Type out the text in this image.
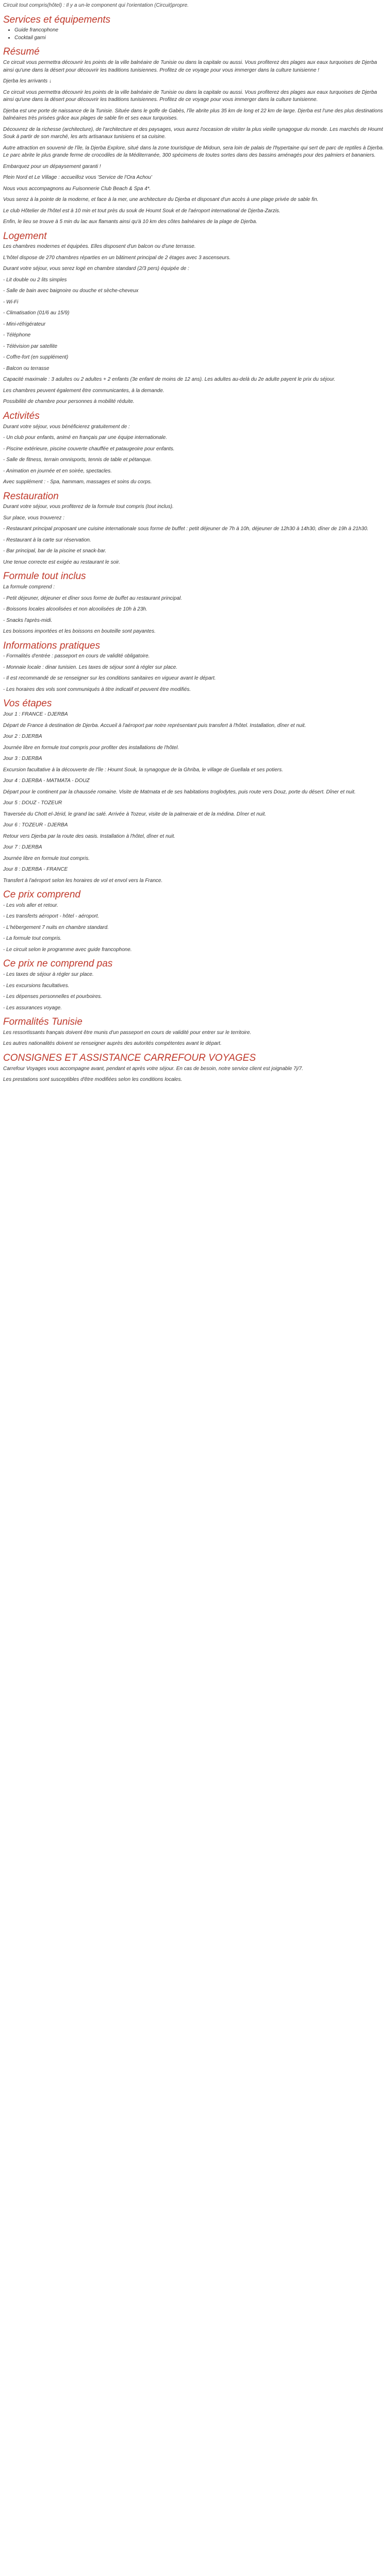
Circuit tout compris(hôtel) : Il y a un-le component qui l'orientation (Circuit)propre.

Services et équipements
• Guide francophone
• Cocktail garni
Résumé

Ce circuit vous permettra découvrir les points de la ville balnéaire de Tunisie ou dans la capitale ou aussi. Vous profiterez des plages aux eaux turquoises de Djerba ainsi qu'une dans la désert pour découvrir les traditions tunisiennes. Profitez de ce voyage pour vous immerger dans la culture tunisienne !

Djerba les arrivants ↓

Ce circuit vous permettra découvrir les points de la ville balnéaire de Tunisie ou dans la capitale ou aussi. Vous profiterez des plages aux eaux turquoises de Djerba ainsi qu'une dans la désert pour découvrir les traditions tunisiennes. Profitez de ce voyage pour vous immerger dans la culture tunisienne.

Djerba est une porte de naissance de la Tunisie. Située dans le golfe de Gabès, l'île abrite plus 35 km de long et 22 km de large. Djerba est l'une des plus destinations balnéaires très prisées grâce aux plages de sable fin et ses eaux turquoises.

Découvrez de la richesse (architecture), de l'architecture et des paysages, vous aurez l'occasion de visiter la plus vieille synagogue du monde. Les marchés de Houmt Souk à partir de son marché, les arts artisanaux tunisiens et sa cuisine.

Autre attraction en souvenir de l'île, la Djerba Explore, situé dans la zone touristique de Midoun, sera loin de palais de l'hypertaine qui sert de parc de reptiles à Djerba. Le parc abrite le plus grande ferme de crocodiles de la Méditerranée, 300 spécimens de toutes sortes dans des bassins aménagés pour des palmiers et bananiers.

Embarquez pour un dépaysement garanti !

Plein Nord et Le Village : accueilloz vous 'Service de l'Ora Achou'

Nous vous accompagnons au Fuisonnerie Club Beach & Spa 4*.

Vous serez à la pointe de la moderne, et face à la mer, une architecture du Djerba et disposant d'un accès à une plage privée de sable fin.

Le club Hôtelier de l'hôtel est à 10 min et tout près du souk de Houmt Souk et de l'aéroport international de Djerba-Zarzis.

Enfin, le lieu se trouve à 5 min du lac aux flamants ainsi qu'à 10 km des côtes balnéaires de la plage de Djerba.

Logement

Les chambres modernes et équipées. Elles disposent d'un balcon ou d'une terrasse.

L'hôtel dispose de 270 chambres réparties en un bâtiment principal de 2 étages avec 3 ascenseurs.

Durant votre séjour, vous serez logé en chambre standard (2/3 pers) équipée de :

- Lit double ou 2 lits simples

- Salle de bain avec baignoire ou douche et sèche-cheveux

- Wi-Fi

- Climatisation (01/6 au 15/9)

- Mini-réfrigérateur

- Téléphone

- Télévision par satellite

- Coffre-fort (en supplément)

- Balcon ou terrasse

Capacité maximale : 3 adultes ou 2 adultes + 2 enfants (3e enfant de moins de 12 ans). Les adultes au-delà du 2e adulte payent le prix du séjour.

Les chambres peuvent également être communicantes, à la demande.

Possibilité de chambre pour personnes à mobilité réduite.

Activités

Durant votre séjour, vous bénéficierez gratuitement de :

- Un club pour enfants, animé en français par une équipe internationale.

- Piscine extérieure, piscine couverte chauffée et pataugeoire pour enfants.

- Salle de fitness, terrain omnisports, tennis de table et pétanque.

- Animation en journée et en soirée, spectacles.

Avec supplément : - Spa, hammam, massages et soins du corps.

Restauration

Durant votre séjour, vous profiterez de la formule tout compris (tout inclus).

Sur place, vous trouverez :

- Restaurant principal proposant une cuisine internationale sous forme de buffet : petit déjeuner de 7h à 10h, déjeuner de 12h30 à 14h30, dîner de 19h à 21h30.

- Restaurant à la carte sur réservation.

- Bar principal, bar de la piscine et snack-bar.

Une tenue correcte est exigée au restaurant le soir.

Formule tout inclus

La formule comprend :

- Petit déjeuner, déjeuner et dîner sous forme de buffet au restaurant principal.

- Boissons locales alcoolisées et non alcoolisées de 10h à 23h.

- Snacks l'après-midi.

Les boissons importées et les boissons en bouteille sont payantes.

Informations pratiques

- Formalités d'entrée : passeport en cours de validité obligatoire.

- Monnaie locale : dinar tunisien. Les taxes de séjour sont à régler sur place.

- Il est recommandé de se renseigner sur les conditions sanitaires en vigueur avant le départ.

- Les horaires des vols sont communiqués à titre indicatif et peuvent être modifiés.

Vos étapes

Jour 1 : FRANCE - DJERBA

Départ de France à destination de Djerba. Accueil à l'aéroport par notre représentant puis transfert à l'hôtel. Installation, dîner et nuit.

Jour 2 : DJERBA

Journée libre en formule tout compris pour profiter des installations de l'hôtel.

Jour 3 : DJERBA

Excursion facultative à la découverte de l'île : Houmt Souk, la synagogue de la Ghriba, le village de Guellala et ses potiers.

Jour 4 : DJERBA - MATMATA - DOUZ

Départ pour le continent par la chaussée romaine. Visite de Matmata et de ses habitations troglodytes, puis route vers Douz, porte du désert. Dîner et nuit.

Jour 5 : DOUZ - TOZEUR

Traversée du Chott el-Jérid, le grand lac salé. Arrivée à Tozeur, visite de la palmeraie et de la médina. Dîner et nuit.

Jour 6 : TOZEUR - DJERBA

Retour vers Djerba par la route des oasis. Installation à l'hôtel, dîner et nuit.

Jour 7 : DJERBA

Journée libre en formule tout compris.

Jour 8 : DJERBA - FRANCE

Transfert à l'aéroport selon les horaires de vol et envol vers la France.

Ce prix comprend

- Les vols aller et retour.

- Les transferts aéroport - hôtel - aéroport.

- L'hébergement 7 nuits en chambre standard.

- La formule tout compris.

- Le circuit selon le programme avec guide francophone.

Ce prix ne comprend pas

- Les taxes de séjour à régler sur place.

- Les excursions facultatives.

- Les dépenses personnelles et pourboires.

- Les assurances voyage.

Formalités Tunisie

Les ressortissants français doivent être munis d'un passeport en cours de validité pour entrer sur le territoire.

Les autres nationalités doivent se renseigner auprès des autorités compétentes avant le départ.

CONSIGNES ET ASSISTANCE CARREFOUR VOYAGES

Carrefour Voyages vous accompagne avant, pendant et après votre séjour. En cas de besoin, notre service client est joignable 7j/7.

Les prestations sont susceptibles d'être modifiées selon les conditions locales.
